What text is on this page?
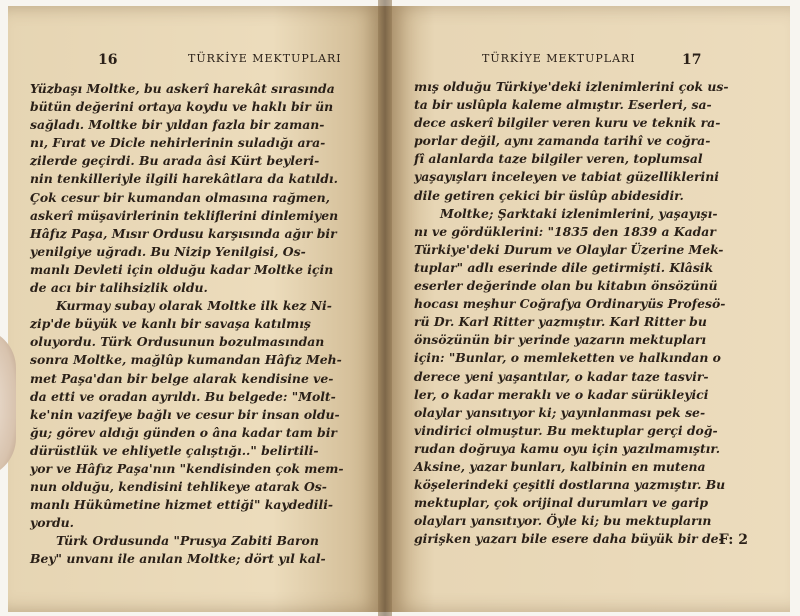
16	TÜRKİYE MEKTUPLARI

Yüzbaşı Moltke, bu askerî harekât sırasında

bütün değerini ortaya koydu ve haklı bir ün

sağladı. Moltke bir yıldan fazla bir zaman-

nı, Fırat ve Dicle nehirlerinin suladığı ara-

zilerde geçirdi. Bu arada âsi Kürt beyleri-

nin tenkilleriyle ilgili harekâtlara da katıldı.

Çok cesur bir kumandan olmasına rağmen,

askerî müşavirlerinin tekliflerini dinlemiyen

Hâfız Paşa, Mısır Ordusu karşısında ağır bir

yenilgiye uğradı. Bu Nizip Yenilgisi, Os-

manlı Devleti için olduğu kadar Moltke için

de acı bir talihsizlik oldu.

Kurmay subay olarak Moltke ilk kez Ni-

zip'de büyük ve kanlı bir savaşa katılmış

oluyordu. Türk Ordusunun bozulmasından

sonra Moltke, mağlûp kumandan Hâfız Meh-

met Paşa'dan bir belge alarak kendisine ve-

da etti ve oradan ayrıldı. Bu belgede: "Molt-

ke'nin vazifeye bağlı ve cesur bir insan oldu-

ğu; görev aldığı günden o âna kadar tam bir

dürüstlük ve ehliyetle çalıştığı.." belirtili-

yor ve Hâfız Paşa'nın "kendisinden çok mem-

nun olduğu, kendisini tehlikeye atarak Os-

manlı Hükûmetine hizmet ettiği" kaydedili-

yordu.

Türk Ordusunda "Prusya Zabiti Baron

Bey" unvanı ile anılan Moltke; dört yıl kal-

TÜRKİYE MEKTUPLARI	17

mış olduğu Türkiye'deki izlenimlerini çok us-

ta bir uslûpla kaleme almıştır. Eserleri, sa-

dece askerî bilgiler veren kuru ve teknik ra-

porlar değil, aynı zamanda tarihî ve coğra-

fî alanlarda taze bilgiler veren, toplumsal

yaşayışları inceleyen ve tabiat güzelliklerini

dile getiren çekici bir üslûp abidesidir.

Moltke; Şarktaki izlenimlerini, yaşayışı-

nı ve gördüklerini: "1835 den 1839 a Kadar

Türkiye'deki Durum ve Olaylar Üzerine Mek-

tuplar" adlı eserinde dile getirmişti. Klâsik

eserler değerinde olan bu kitabın önsözünü

hocası meşhur Coğrafya Ordinaryüs Profesö-

rü Dr. Karl Ritter yazmıştır. Karl Ritter bu

önsözünün bir yerinde yazarın mektupları

için: "Bunlar, o memleketten ve halkından o

derece yeni yaşantılar, o kadar taze tasvir-

ler, o kadar meraklı ve o kadar sürükleyici

olaylar yansıtıyor ki; yayınlanması pek se-

vindirici olmuştur. Bu mektuplar gerçi doğ-

rudan doğruya kamu oyu için yazılmamıştır.

Aksine, yazar bunları, kalbinin en mutena

köşelerindeki çeşitli dostlarına yazmıştır. Bu

mektuplar, çok orijinal durumları ve garip

olayları yansıtıyor. Öyle ki; bu mektupların

girişken yazarı bile esere daha büyük bir de-

F: 2
